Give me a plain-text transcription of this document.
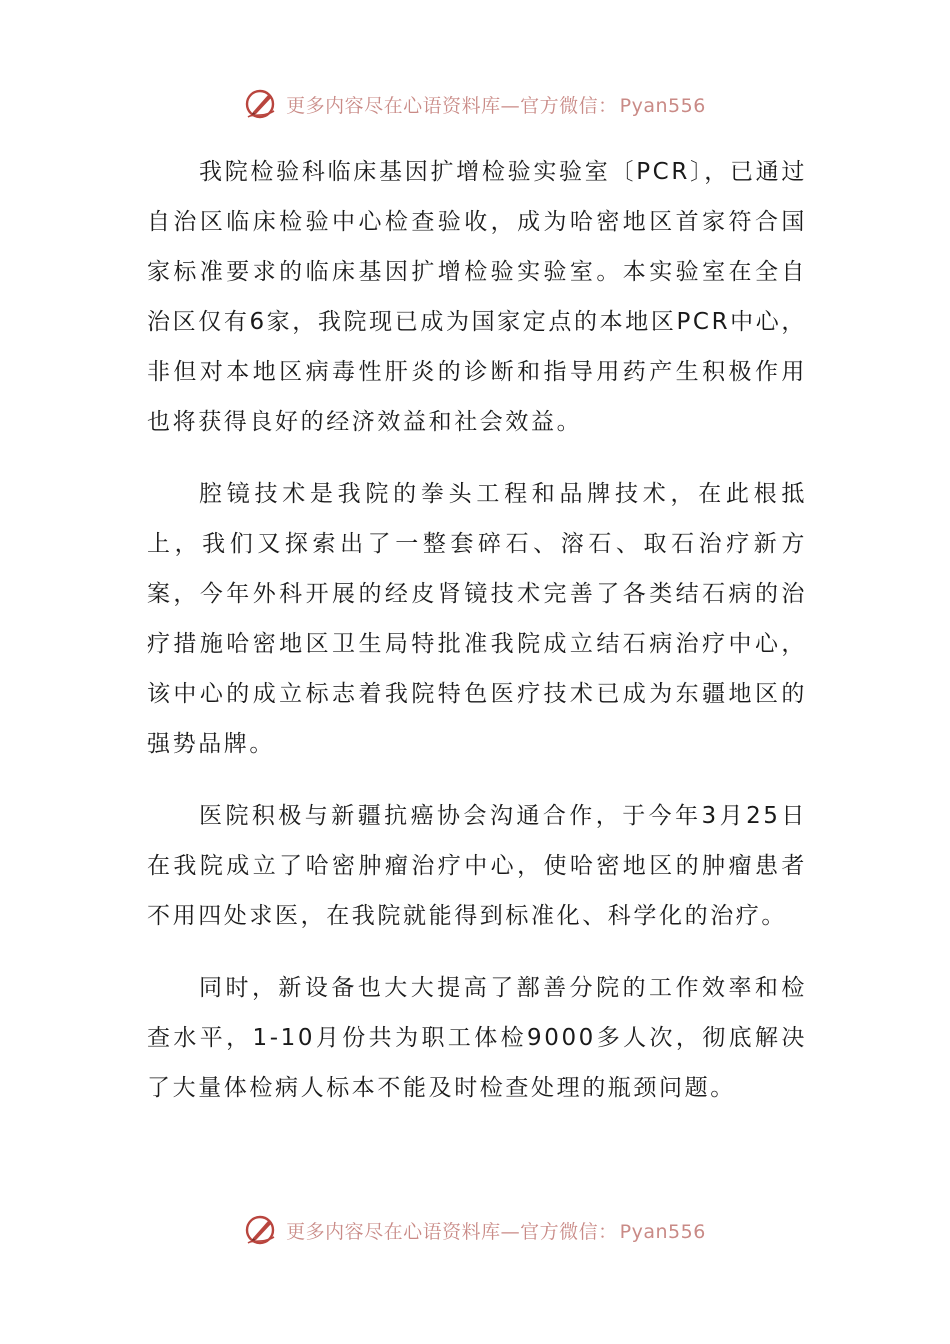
更多内容尽在心语资料库—官方微信： Pyan556

我院检验科临床基因扩增检验实验室〔PCR〕，已通过自治区临床检验中心检查验收，成为哈密地区首家符合国家标准要求的临床基因扩增检验实验室。本实验室在全自治区仅有6家，我院现已成为国家定点的本地区PCR中心，非但对本地区病毒性肝炎的诊断和指导用药产生积极作用也将获得良好的经济效益和社会效益。

腔镜技术是我院的拳头工程和品牌技术，在此根抵上，我们又探索出了一整套碎石、溶石、取石治疗新方案，今年外科开展的经皮肾镜技术完善了各类结石病的治疗措施哈密地区卫生局特批准我院成立结石病治疗中心，该中心的成立标志着我院特色医疗技术已成为东疆地区的强势品牌。

医院积极与新疆抗癌协会沟通合作，于今年3月25日在我院成立了哈密肿瘤治疗中心，使哈密地区的肿瘤患者不用四处求医，在我院就能得到标准化、科学化的治疗。

同时，新设备也大大提高了鄯善分院的工作效率和检查水平，1-10月份共为职工体检9000多人次，彻底解决了大量体检病人标本不能及时检查处理的瓶颈问题。

更多内容尽在心语资料库—官方微信： Pyan556
